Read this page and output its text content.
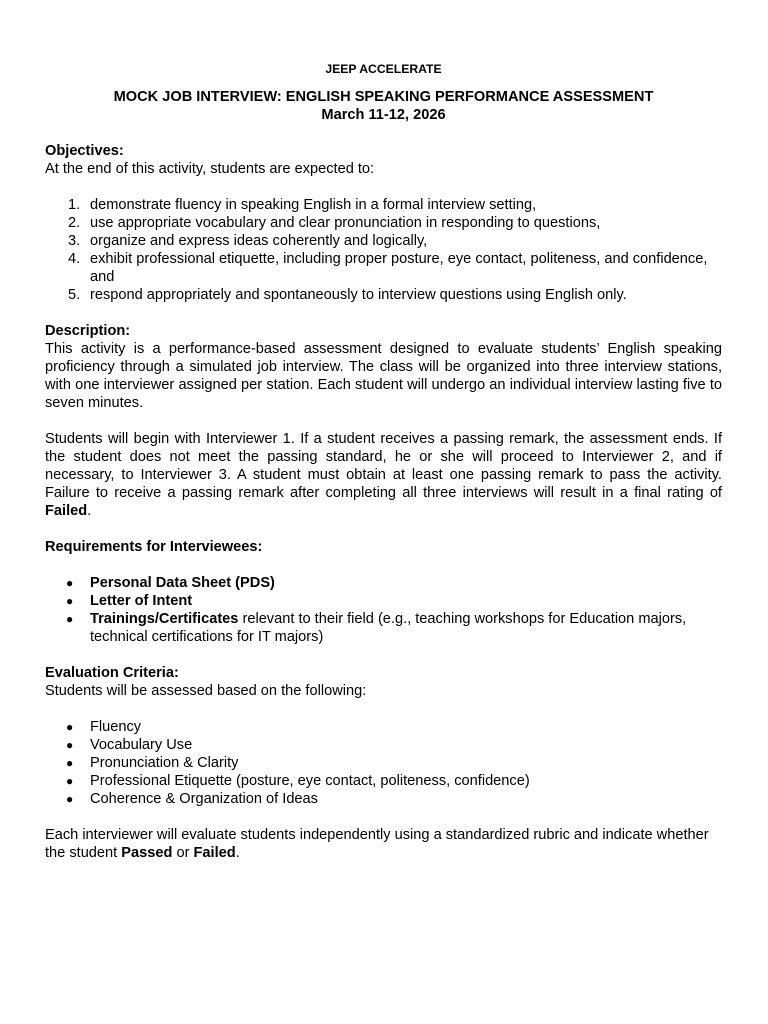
JEEP ACCELERATE

MOCK JOB INTERVIEW: ENGLISH SPEAKING PERFORMANCE ASSESSMENT

March 11-12, 2026

Objectives:

At the end of this activity, students are expected to:

1. demonstrate fluency in speaking English in a formal interview setting,
2. use appropriate vocabulary and clear pronunciation in responding to questions,
3. organize and express ideas coherently and logically,
4. exhibit professional etiquette, including proper posture, eye contact, politeness, and confidence, and
5. respond appropriately and spontaneously to interview questions using English only.

Description:

This activity is a performance-based assessment designed to evaluate students’ English speaking proficiency through a simulated job interview. The class will be organized into three interview stations, with one interviewer assigned per station. Each student will undergo an individual interview lasting five to seven minutes.

Students will begin with Interviewer 1. If a student receives a passing remark, the assessment ends. If the student does not meet the passing standard, he or she will proceed to Interviewer 2, and if necessary, to Interviewer 3. A student must obtain at least one passing remark to pass the activity. Failure to receive a passing remark after completing all three interviews will result in a final rating of Failed.

Requirements for Interviewees:

● Personal Data Sheet (PDS)
● Letter of Intent
● Trainings/Certificates relevant to their field (e.g., teaching workshops for Education majors, technical certifications for IT majors)

Evaluation Criteria:

Students will be assessed based on the following:

● Fluency
● Vocabulary Use
● Pronunciation & Clarity
● Professional Etiquette (posture, eye contact, politeness, confidence)
● Coherence & Organization of Ideas

Each interviewer will evaluate students independently using a standardized rubric and indicate whether the student Passed or Failed.
